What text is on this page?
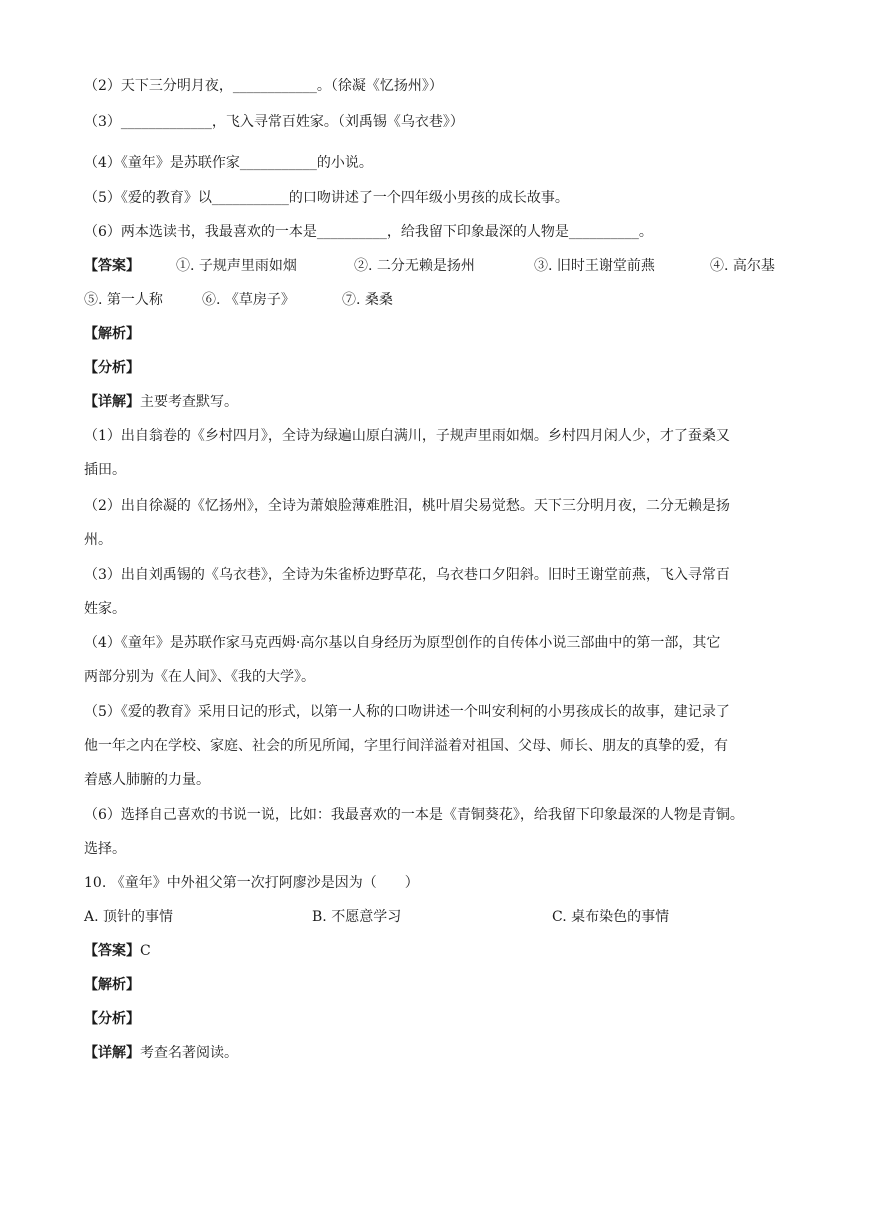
（2）天下三分明月夜，____________。（徐凝《忆扬州》）
（3）_____________，飞入寻常百姓家。（刘禹锡《乌衣巷》）
（4）《童年》是苏联作家___________的小说。
（5）《爱的教育》以___________的口吻讲述了一个四年级小男孩的成长故事。
（6）两本选读书，我最喜欢的一本是__________，给我留下印象最深的人物是__________。
【答案】	①. 子规声里雨如烟	②. 二分无赖是扬州	③. 旧时王谢堂前燕	④. 高尔基
⑤. 第一人称	⑥. 《草房子》	⑦. 桑桑
【解析】
【分析】
【详解】主要考查默写。
（1）出自翁卷的《乡村四月》，全诗为绿遍山原白满川，子规声里雨如烟。乡村四月闲人少，才了蚕桑又
插田。
（2）出自徐凝的《忆扬州》，全诗为萧娘脸薄难胜泪，桃叶眉尖易觉愁。天下三分明月夜，二分无赖是扬
州。
（3）出自刘禹锡的《乌衣巷》，全诗为朱雀桥边野草花，乌衣巷口夕阳斜。旧时王谢堂前燕，飞入寻常百
姓家。
（4）《童年》是苏联作家马克西姆·高尔基以自身经历为原型创作的自传体小说三部曲中的第一部，其它
两部分别为《在人间》、《我的大学》。
（5）《爱的教育》采用日记的形式，以第一人称的口吻讲述一个叫安利柯的小男孩成长的故事，建记录了
他一年之内在学校、家庭、社会的所见所闻，字里行间洋溢着对祖国、父母、师长、朋友的真挚的爱，有
着感人肺腑的力量。
（6）选择自己喜欢的书说一说，比如：我最喜欢的一本是《青铜葵花》，给我留下印象最深的人物是青铜。
选择。
10. 《童年》中外祖父第一次打阿廖沙是因为（　　）
A. 顶针的事情	B. 不愿意学习	C. 桌布染色的事情
【答案】C
【解析】
【分析】
【详解】考查名著阅读。
